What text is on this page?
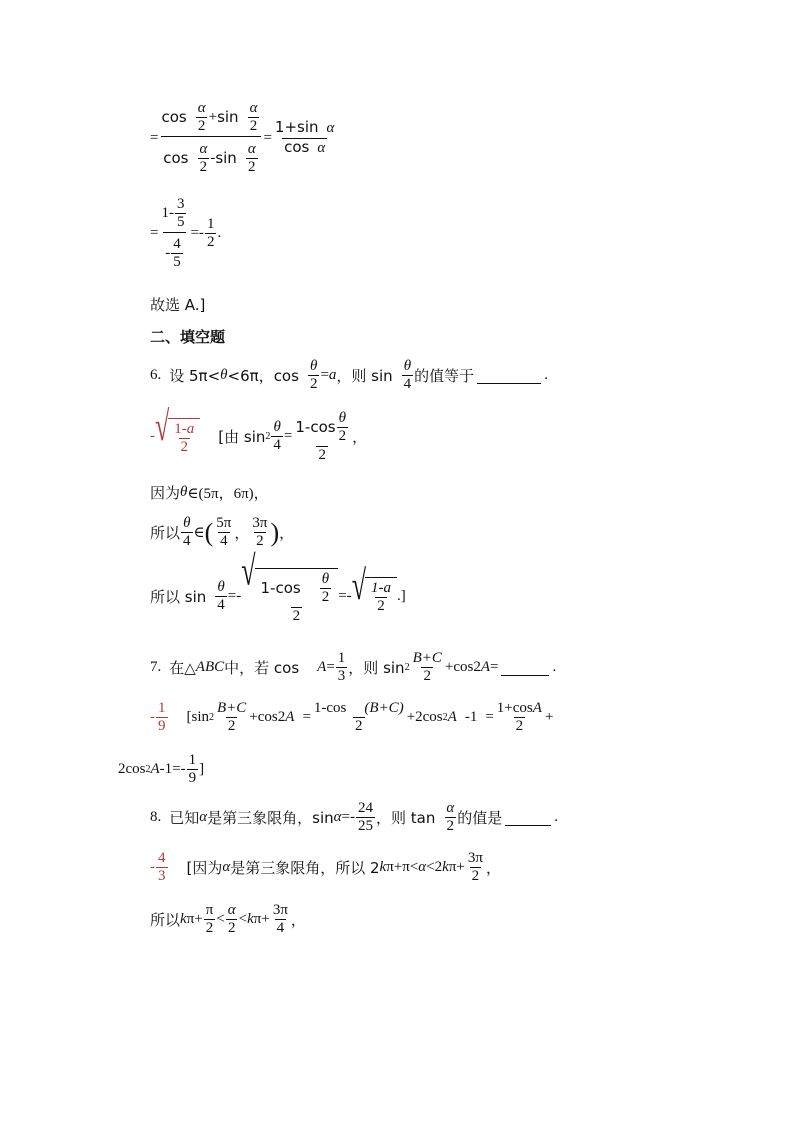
= $\frac{\cos \frac{\alpha}{2} + \sin \frac{\alpha}{2}}{\cos \frac{\alpha}{2} - \sin \frac{\alpha}{2}} = \frac{\text{1+sin α}}{\text{cos α}}$
= $\frac{1- \frac{3}{5}}{- \frac{4}{5}} =- \frac{1}{2}$ .
故选 A.]
二、填空题
6. 设 5π< θ <6π，$\cos \frac{\theta}{2} = a$ ，则 $\sin \frac{\theta}{4}$ 的值等于	.
- √ $\frac{1-a}{2}$ [由 $\sin 2 \frac{\theta}{4} = \frac{1-\cos \frac{\theta}{2}}{2}$ ，
因为 θ ∈(5π，6π)，
所以 $\frac{\theta}{4}$ ∈ ( $\frac{5\pi}{4}$ ， $\frac{3\pi}{2}$ ) ，
所以 $\sin \frac{\theta}{4}$ =-
√
$\frac{1-\cos \frac{\theta}{2}}{2}$ =- √ $\frac{1-a}{2}$ .]
7. 在△ ABC 中，若 $\cos A = \frac{1}{3}$ ，则 $\sin 2 \frac{B+C}{2} +\cos 2$ A =	.
- $\frac{1}{9} [\sin$ $2 \frac{B+C}{2} +\cos 2$ $A = \frac{1-\cos (B+C)}{2} +2\cos$ 2 A $-1 = \frac{1+\cos A}{2}$ +
2cos 2 A $-1=- \frac{1}{9}$ ]
8. 已知 α 是第三象限角，$\sin \alpha =- \frac{24}{25}$ ，则 $\tan \frac{\alpha}{2}$ 的值是	.
- $\frac{4}{3}$ [因为 α 是第三象限角，所以 2 k π+π< α <2 k $\pi+ \frac{3\pi}{2}$ ，
所以 k $\pi+ \frac{\pi}{2} < \frac{\alpha}{2} < k$ $\pi+ \frac{3\pi}{4}$ ，
